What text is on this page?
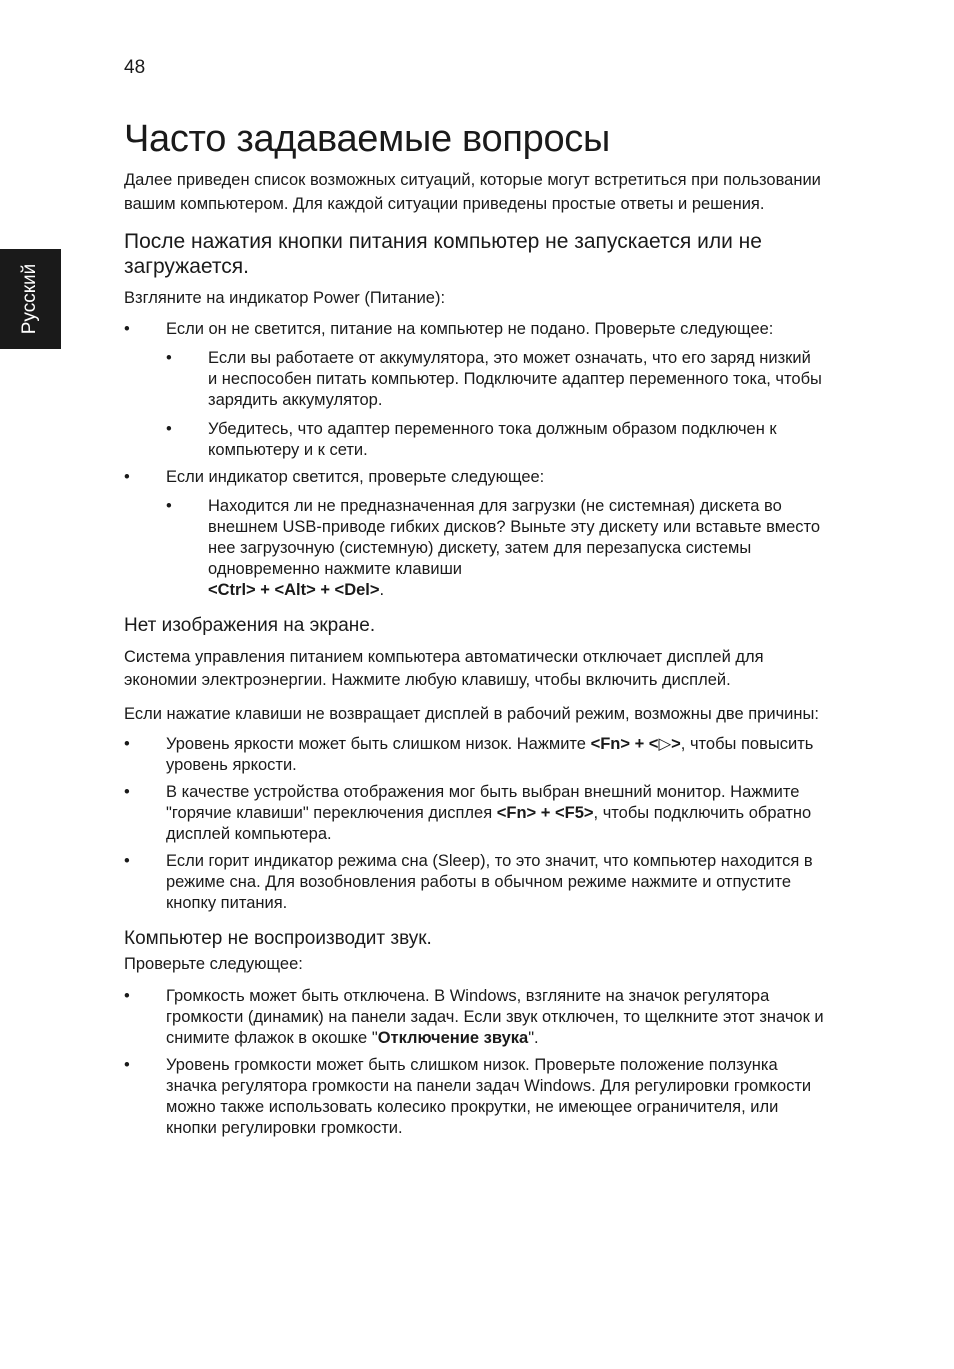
48
Русский
Часто задаваемые вопросы

Далее приведен список возможных ситуаций, которые могут встретиться при пользовании вашим компьютером. Для каждой ситуации приведены простые ответы и решения.

После нажатия кнопки питания компьютер не запускается или не загружается.

Взгляните на индикатор Power (Питание):

• Если он не светится, питание на компьютер не подано. Проверьте следующее:
• Если вы работаете от аккумулятора, это может означать, что его заряд низкий и неспособен питать компьютер. Подключите адаптер переменного тока, чтобы зарядить аккумулятор.
• Убедитесь, что адаптер переменного тока должным образом подключен к компьютеру и к сети.
• Если индикатор светится, проверьте следующее:
• Находится ли не предназначенная для загрузки (не системная) дискета во внешнем USB-приводе гибких дисков? Выньте эту дискету или вставьте вместо нее загрузочную (системную) дискету, затем для перезапуска системы одновременно нажмите клавиши
<Ctrl> + <Alt> + <Del>.
Нет изображения на экране.

Система управления питанием компьютера автоматически отключает дисплей для экономии электроэнергии. Нажмите любую клавишу, чтобы включить дисплей.

Если нажатие клавиши не возвращает дисплей в рабочий режим, возможны две причины:

• Уровень яркости может быть слишком низок. Нажмите <Fn> + <▷>, чтобы повысить уровень яркости.
• В качестве устройства отображения мог быть выбран внешний монитор. Нажмите "горячие клавиши" переключения дисплея <Fn> + <F5>, чтобы подключить обратно дисплей компьютера.
• Если горит индикатор режима сна (Sleep), то это значит, что компьютер находится в режиме сна. Для возобновления работы в обычном режиме нажмите и отпустите кнопку питания.
Компьютер не воспроизводит звук.

Проверьте следующее:

• Громкость может быть отключена. В Windows, взгляните на значок регулятора громкости (динамик) на панели задач. Если звук отключен, то щелкните этот значок и снимите флажок в окошке "Отключение звука".
• Уровень громкости может быть слишком низок. Проверьте положение ползунка значка регулятора громкости на панели задач Windows. Для регулировки громкости можно также использовать колесико прокрутки, не имеющее ограничителя, или кнопки регулировки громкости.
